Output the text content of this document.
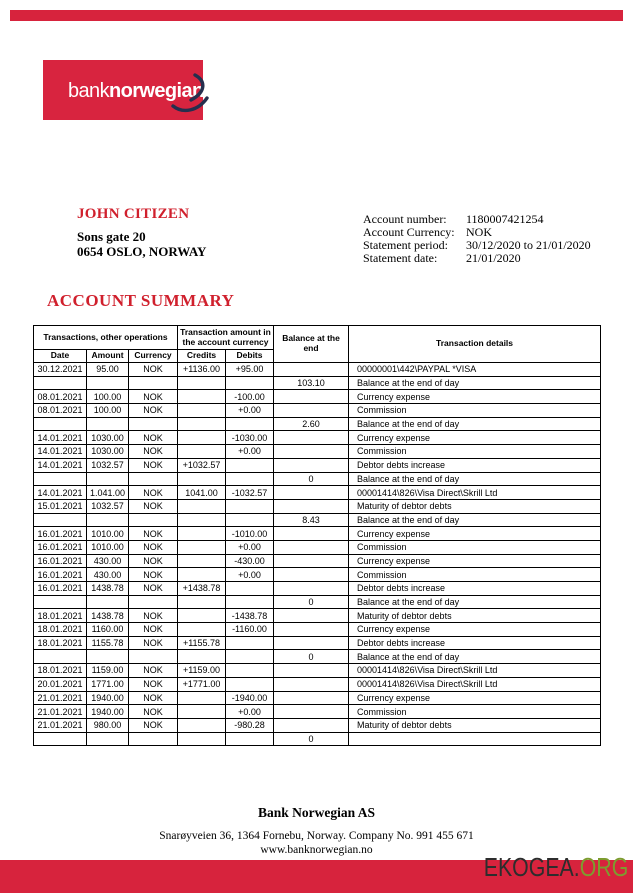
banknorwegian
JOHN CITIZEN
Sons gate 20
0654 OSLO, NORWAY
Account number:	1180007421254
Account Currency: NOK
Statement period:	30/12/2020 to 21/01/2020
Statement date:	21/01/2020
ACCOUNT SUMMARY
Transactions, other operations			Transaction amount in the account currency		Balance at the end	Transaction details
Date	Amount	Currency	Credits	Debits		
30.12.2021	95.00	NOK	+1136.00	+95.00		00000001\442\PAYPAL *VISA
					103.10	Balance at the end of day
08.01.2021	100.00	NOK		-100.00		Currency expense
08.01.2021	100.00	NOK		+0.00		Commission
					2.60	Balance at the end of day
14.01.2021	1030.00	NOK		-1030.00		Currency expense
14.01.2021	1030.00	NOK		+0.00		Commission
14.01.2021	1032.57	NOK	+1032.57			Debtor debts increase
					0	Balance at the end of day
14.01.2021	1.041.00	NOK	1041.00	-1032.57		00001414\826\Visa Direct\Skrill Ltd
15.01.2021	1032.57	NOK				Maturity of debtor debts
					8.43	Balance at the end of day
16.01.2021	1010.00	NOK		-1010.00		Currency expense
16.01.2021	1010.00	NOK		+0.00		Commission
16.01.2021	430.00	NOK		-430.00		Currency expense
16.01.2021	430.00	NOK		+0.00		Commission
16.01.2021	1438.78	NOK	+1438.78			Debtor debts increase
					0	Balance at the end of day
18.01.2021	1438.78	NOK		-1438.78		Maturity of debtor debts
18.01.2021	1160.00	NOK		-1160.00		Currency expense
18.01.2021	1155.78	NOK	+1155.78			Debtor debts increase
					0	Balance at the end of day
18.01.2021	1159.00	NOK	+1159.00			00001414\826\Visa Direct\Skrill Ltd
20.01.2021	1771.00	NOK	+1771.00			00001414\826\Visa Direct\Skrill Ltd
21.01.2021	1940.00	NOK		-1940.00		Currency expense
21.01.2021	1940.00	NOK		+0.00		Commission
21.01.2021	980.00	NOK		-980.28		Maturity of debtor debts
					0	
Bank Norwegian AS
Snarøyveien 36, 1364 Fornebu, Norway. Company No. 991 455 671
www.banknorwegian.no
EKOGEA.ORG
